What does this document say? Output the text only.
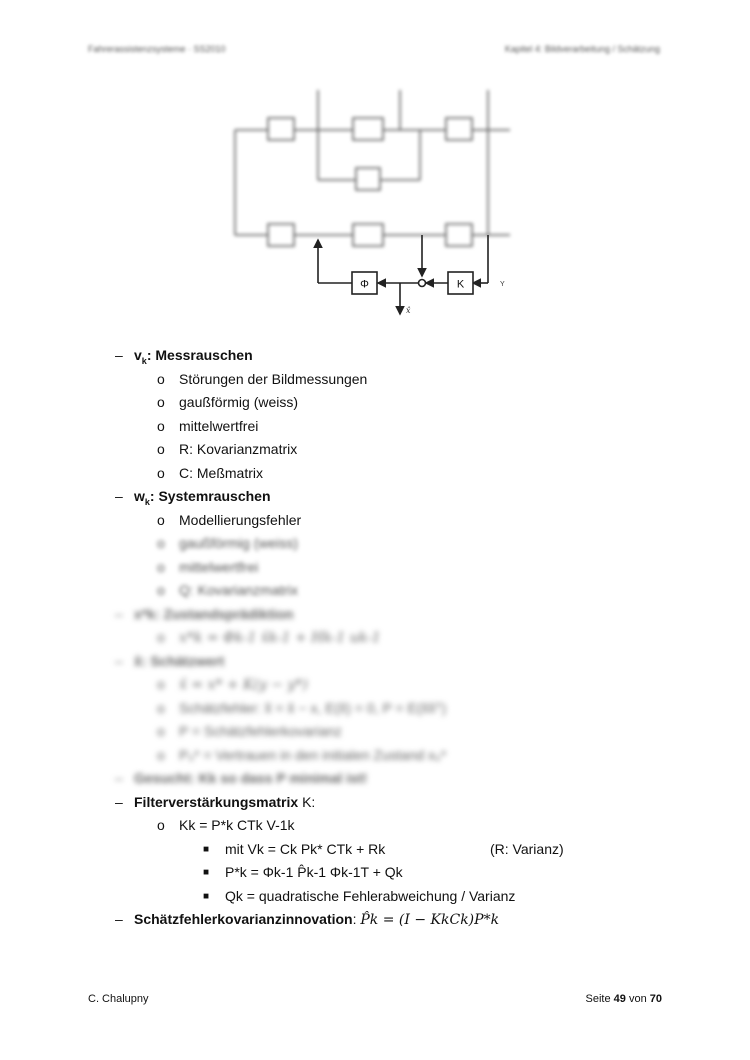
Fahrerassistenzsysteme · SS2010	Kapitel 4: Bildverarbeitung / Schätzung
Φ	K	Y
x̂
– $v_k$: Messrauschen
o Störungen der Bildmessungen
o gaußförmig (weiss)
o mittelwertfrei
o R: Kovarianzmatrix
o C: Meßmatrix
– $w_k$: Systemrauschen
o Modellierungsfehler
o gaußförmig (weiss)
o mittelwertfrei
o Q: Kovarianzmatrix
– x*k: Zustandsprädiktion
o x*k = Φk-1 x̂k-1 + Hk-1 uk-1
– x̂: Schätzwert
o x̂ = x* + K(y − y*)
o Schätzfehler: x̃ = x̂ − x, E(x̃) = 0, P = E(x̃x̃ᵀ)
o P = Schätzfehlerkovarianz
o P₀* = Vertrauen in den initialen Zustand x₀*
– Gesucht: Kk so dass P minimal ist!
– Filterverstärkungsmatrix K:
o Kk = P*k CTk V-1k
■ mit Vk = Ck Pk* CTk + Rk	(R: Varianz)
■ P*k = Φk-1 P̂k-1 Φk-1T + Qk
■ Qk = quadratische Fehlerabweichung / Varianz
– Schätzfehlerkovarianzinnovation: P̂k = (I − KkCk)P*k
C. Chalupny	Seite 49 von 70
